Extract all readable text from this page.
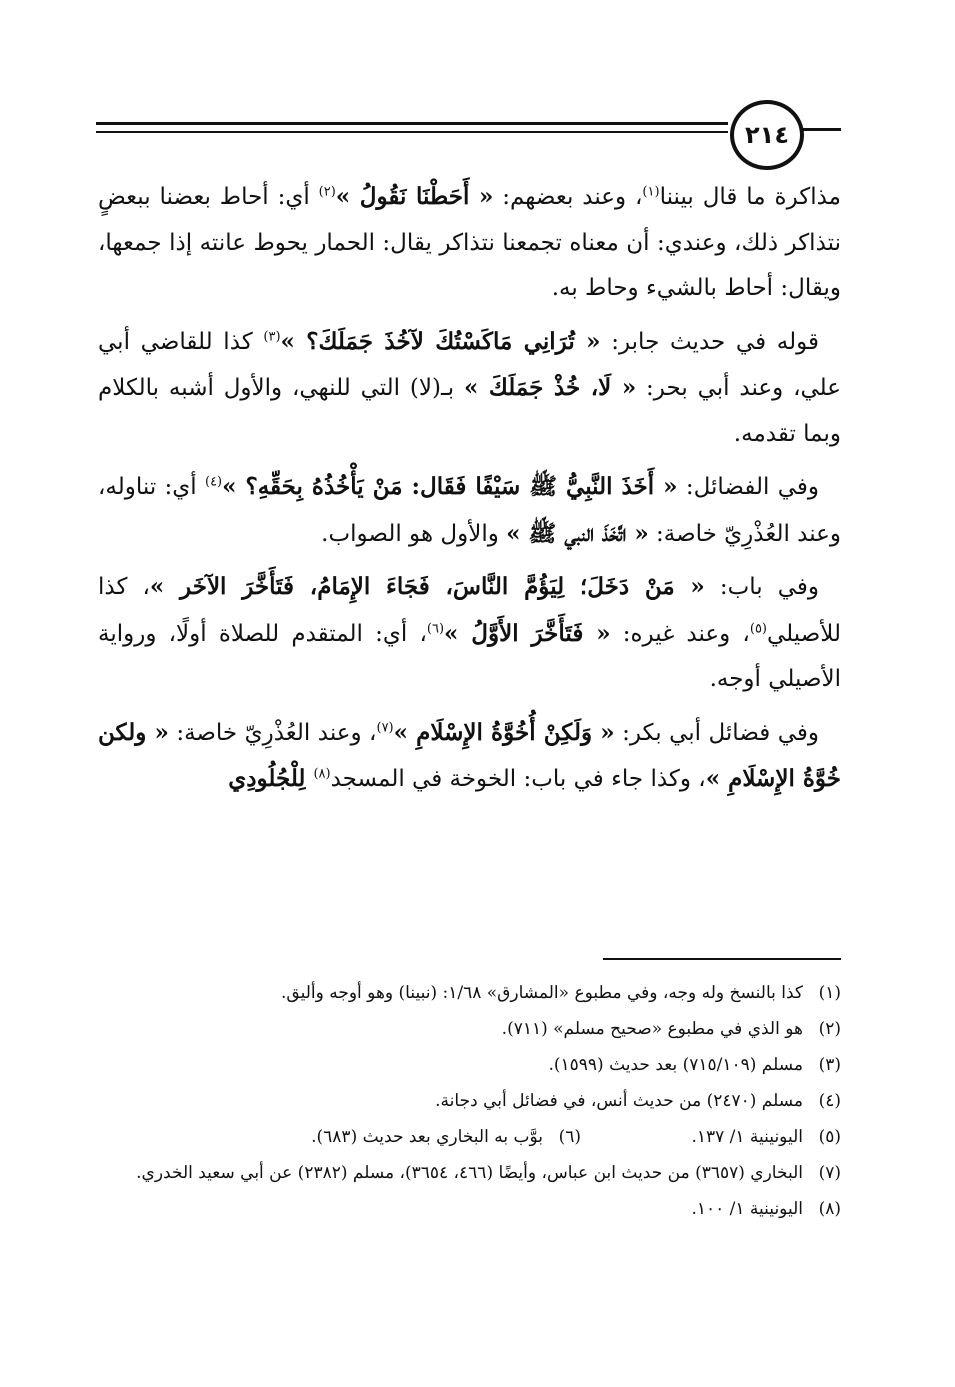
٢١٤

مذاكرة ما قال بيننا$^{(١)}$، وعند بعضهم: « أَحَطْنَا نَقُولُ »$^{(٢)}$ أي: أحاط بعضنا ببعضٍ نتذاكر ذلك، وعندي: أن معناه تجمعنا نتذاكر يقال: الحمار يحوط عانته إذا جمعها، ويقال: أحاط بالشيء وحاط به.

قوله في حديث جابر: « تُرَانِي مَاكَسْتُكَ لآخُذَ جَمَلَكَ؟ »$^{(٣)}$ كذا للقاضي أبي علي، وعند أبي بحر: « لَا، خُذْ جَمَلَكَ » بـ(لا) التي للنهي، والأول أشبه بالكلام وبما تقدمه.

وفي الفضائل: « أَخَذَ النَّبِيُّ ﷺ سَيْفًا فَقَال: مَنْ يَأْخُذُهُ بِحَقِّهِ؟ »$^{(٤)}$ أي: تناوله، وعند العُذْرِيّ خاصة: « اتَّخَذَ النبي ﷺ » والأول هو الصواب.

وفي باب: « مَنْ دَخَلَ؛ لِيَؤُمَّ النَّاسَ، فَجَاءَ الإِمَامُ، فَتَأَخَّرَ الآخَر »، كذا للأصيلي$^{(٥)}$، وعند غيره: « فَتَأَخَّرَ الأَوَّلُ »$^{(٦)}$، أي: المتقدم للصلاة أولًا، ورواية الأصيلي أوجه.

وفي فضائل أبي بكر: « وَلَكِنْ أُخُوَّةُ الإِسْلَامِ »$^{(٧)}$، وعند العُذْرِيّ خاصة: « ولكن خُوَّةُ الإِسْلَامِ »، وكذا جاء في باب: الخوخة في المسجد$^{(٨)}$ لِلْجُلُودِي

(١)
كذا بالنسخ وله وجه، وفي مطبوع «المشارق» ١/٦٨: (نبينا) وهو أوجه وأليق.
(٢)
هو الذي في مطبوع «صحيح مسلم» (٧١١).
(٣)
مسلم (٧١٥/١٠٩) بعد حديث (١٥٩٩).
(٤)
مسلم (٢٤٧٠) من حديث أنس، في فضائل أبي دجانة.
(٥)
اليونينية ١/ ١٣٧.
(٦)
بوَّب به البخاري بعد حديث (٦٨٣).
(٧)
البخاري (٣٦٥٧) من حديث ابن عباس، وأيضًا (٤٦٦، ٣٦٥٤)، مسلم (٢٣٨٢) عن أبي سعيد الخدري.
(٨)
اليونينية ١/ ١٠٠.
